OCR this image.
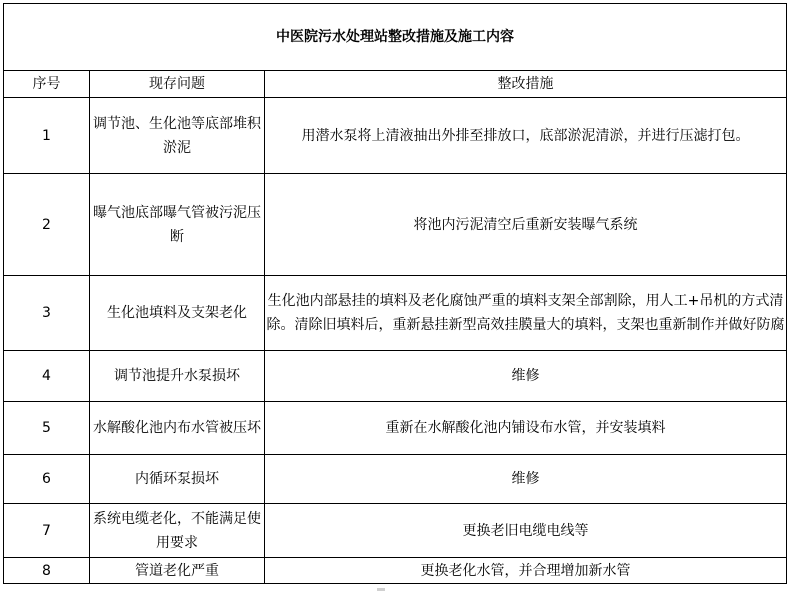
中医院污水处理站整改措施及施工内容		
序号	现存问题	整改措施
1	调节池、生化池等底部堆积淤泥	用潜水泵将上清液抽出外排至排放口，底部淤泥清淤，并进行压滤打包。
2	曝气池底部曝气管被污泥压断	将池内污泥清空后重新安装曝气系统
3	生化池填料及支架老化	生化池内部悬挂的填料及老化腐蚀严重的填料支架全部割除，用人工+吊机的方式清除。清除旧填料后，重新悬挂新型高效挂膜量大的填料，支架也重新制作并做好防腐
4	调节池提升水泵损坏	维修
5	水解酸化池内布水管被压坏	重新在水解酸化池内铺设布水管，并安装填料
6	内循环泵损坏	维修
7	系统电缆老化，不能满足使用要求	更换老旧电缆电线等
8	管道老化严重	更换老化水管，并合理增加新水管
